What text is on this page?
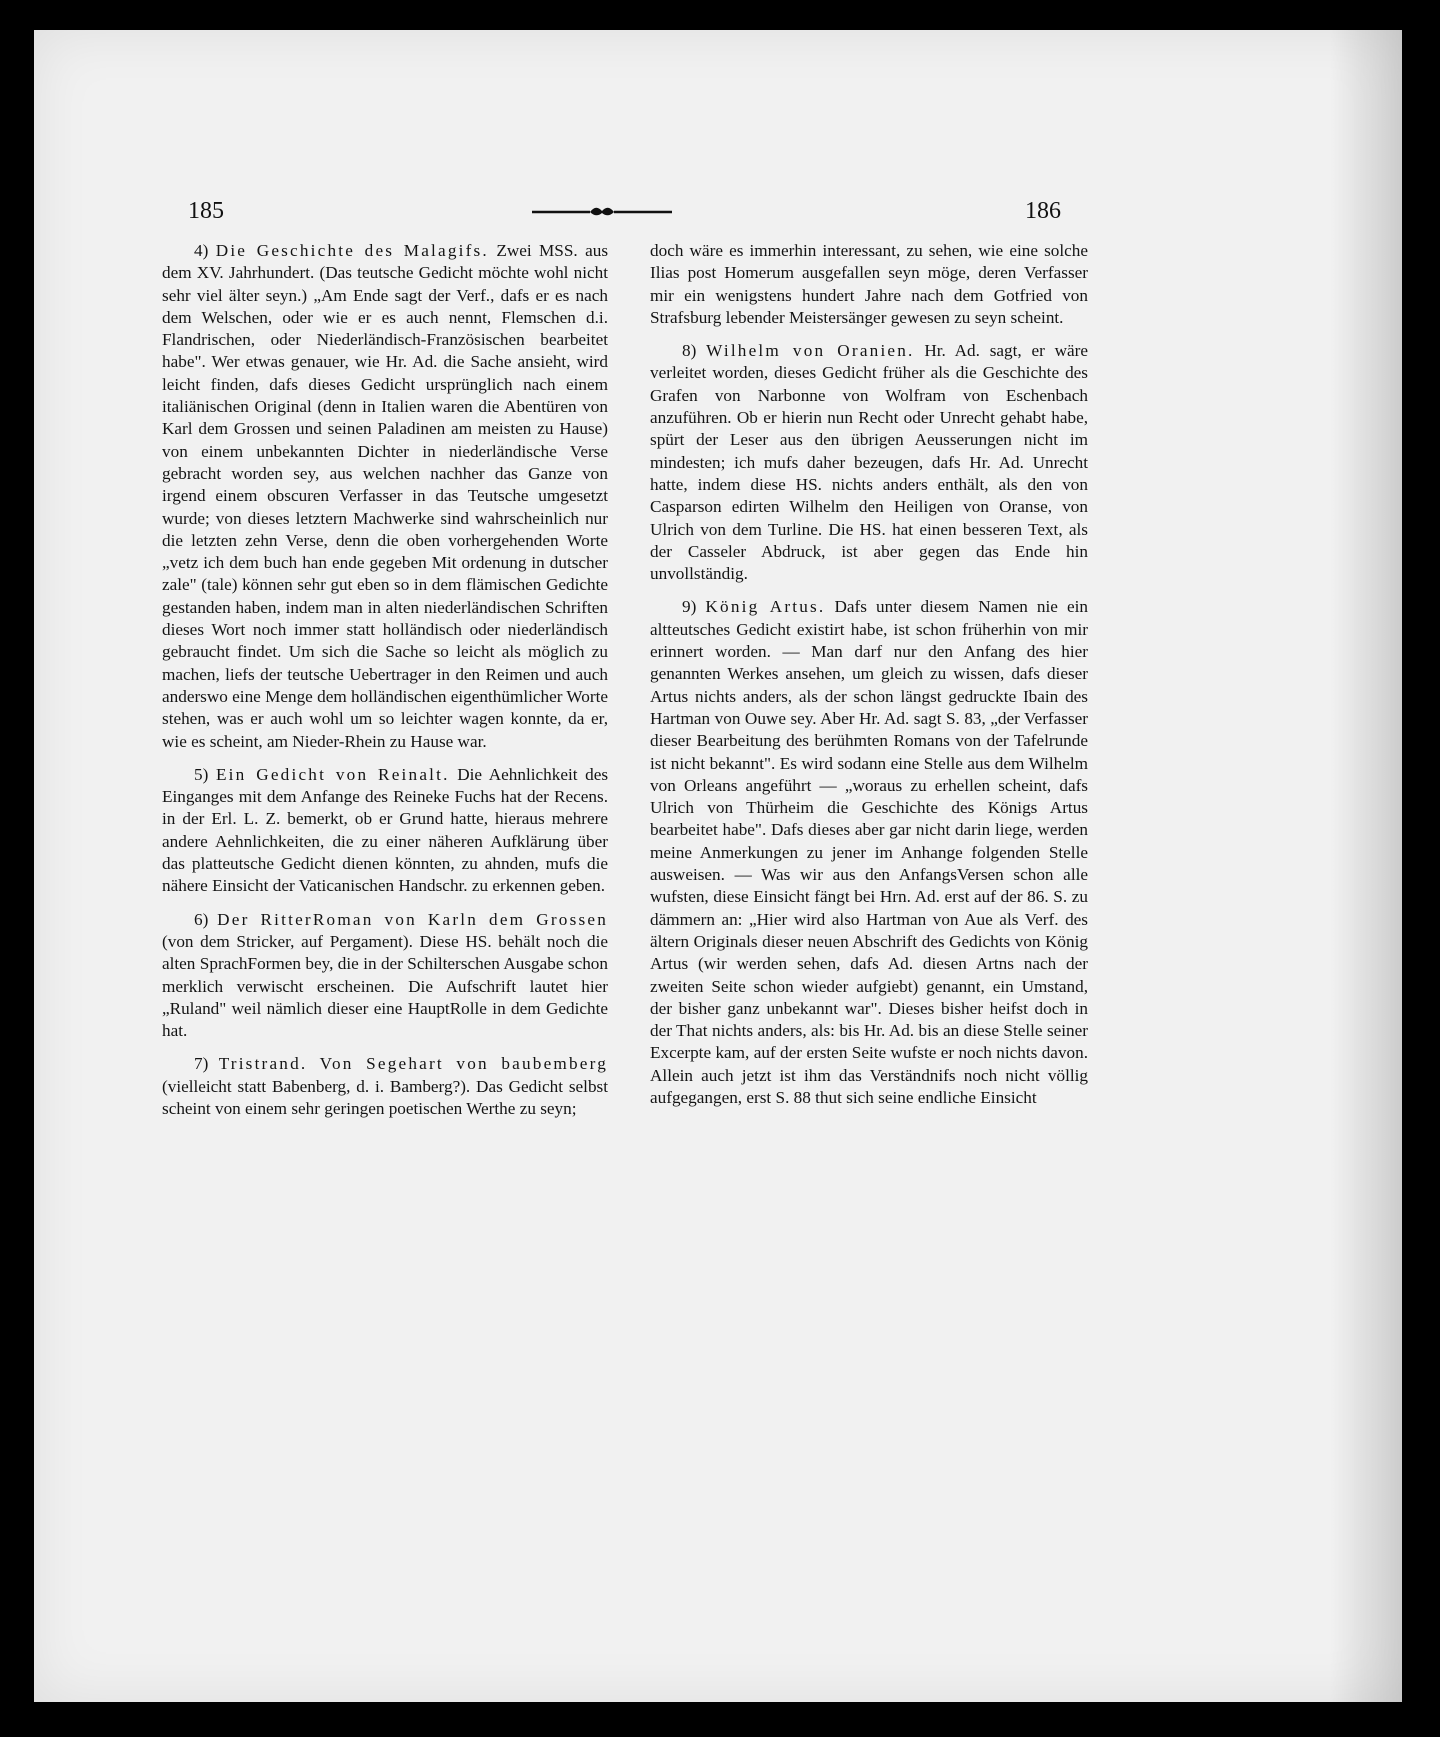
185	186

4) Die Geschichte des Malagifs. Zwei MSS. aus dem XV. Jahrhundert. (Das teutsche Gedicht möchte wohl nicht sehr viel älter seyn.) „Am Ende sagt der Verf., dafs er es nach dem Welschen, oder wie er es auch nennt, Flemschen d.i. Flandrischen, oder Niederländisch-Französischen bearbeitet habe". Wer etwas genauer, wie Hr. Ad. die Sache ansieht, wird leicht finden, dafs dieses Gedicht ursprünglich nach einem italiänischen Original (denn in Italien waren die Abentüren von Karl dem Grossen und seinen Paladinen am meisten zu Hause) von einem unbekannten Dichter in niederländische Verse gebracht worden sey, aus welchen nachher das Ganze von irgend einem obscuren Verfasser in das Teutsche umgesetzt wurde; von dieses letztern Machwerke sind wahrscheinlich nur die letzten zehn Verse, denn die oben vorhergehenden Worte „vetz ich dem buch han ende gegeben Mit ordenung in dutscher zale" (tale) können sehr gut eben so in dem flämischen Gedichte gestanden haben, indem man in alten niederländischen Schriften dieses Wort noch immer statt holländisch oder niederländisch gebraucht findet. Um sich die Sache so leicht als möglich zu machen, liefs der teutsche Uebertrager in den Reimen und auch anderswo eine Menge dem holländischen eigenthümlicher Worte stehen, was er auch wohl um so leichter wagen konnte, da er, wie es scheint, am Nieder-Rhein zu Hause war.

5) Ein Gedicht von Reinalt. Die Aehnlichkeit des Einganges mit dem Anfange des Reineke Fuchs hat der Recens. in der Erl. L. Z. bemerkt, ob er Grund hatte, hieraus mehrere andere Aehnlichkeiten, die zu einer näheren Aufklärung über das platteutsche Gedicht dienen könnten, zu ahnden, mufs die nähere Einsicht der Vaticanischen Handschr. zu erkennen geben.

6) Der RitterRoman von Karln dem Grossen (von dem Stricker, auf Pergament). Diese HS. behält noch die alten SprachFormen bey, die in der Schilterschen Ausgabe schon merklich verwischt erscheinen. Die Aufschrift lautet hier „Ruland" weil nämlich dieser eine HauptRolle in dem Gedichte hat.

7) Tristrand. Von Segehart von baubemberg (vielleicht statt Babenberg, d. i. Bamberg?). Das Gedicht selbst scheint von einem sehr geringen poetischen Werthe zu seyn;

doch wäre es immerhin interessant, zu sehen, wie eine solche Ilias post Homerum ausgefallen seyn möge, deren Verfasser mir ein wenigstens hundert Jahre nach dem Gotfried von Strafsburg lebender Meistersänger gewesen zu seyn scheint.

8) Wilhelm von Oranien. Hr. Ad. sagt, er wäre verleitet worden, dieses Gedicht früher als die Geschichte des Grafen von Narbonne von Wolfram von Eschenbach anzuführen. Ob er hierin nun Recht oder Unrecht gehabt habe, spürt der Leser aus den übrigen Aeusserungen nicht im mindesten; ich mufs daher bezeugen, dafs Hr. Ad. Unrecht hatte, indem diese HS. nichts anders enthält, als den von Casparson edirten Wilhelm den Heiligen von Oranse, von Ulrich von dem Turline. Die HS. hat einen besseren Text, als der Casseler Abdruck, ist aber gegen das Ende hin unvollständig.

9) König Artus. Dafs unter diesem Namen nie ein altteutsches Gedicht existirt habe, ist schon früherhin von mir erinnert worden. — Man darf nur den Anfang des hier genannten Werkes ansehen, um gleich zu wissen, dafs dieser Artus nichts anders, als der schon längst gedruckte Ibain des Hartman von Ouwe sey. Aber Hr. Ad. sagt S. 83, „der Verfasser dieser Bearbeitung des berühmten Romans von der Tafelrunde ist nicht bekannt". Es wird sodann eine Stelle aus dem Wilhelm von Orleans angeführt — „woraus zu erhellen scheint, dafs Ulrich von Thürheim die Geschichte des Königs Artus bearbeitet habe". Dafs dieses aber gar nicht darin liege, werden meine Anmerkungen zu jener im Anhange folgenden Stelle ausweisen. — Was wir aus den AnfangsVersen schon alle wufsten, diese Einsicht fängt bei Hrn. Ad. erst auf der 86. S. zu dämmern an: „Hier wird also Hartman von Aue als Verf. des ältern Originals dieser neuen Abschrift des Gedichts von König Artus (wir werden sehen, dafs Ad. diesen Artns nach der zweiten Seite schon wieder aufgiebt) genannt, ein Umstand, der bisher ganz unbekannt war". Dieses bisher heifst doch in der That nichts anders, als: bis Hr. Ad. bis an diese Stelle seiner Excerpte kam, auf der ersten Seite wufste er noch nichts davon. Allein auch jetzt ist ihm das Verständnifs noch nicht völlig aufgegangen, erst S. 88 thut sich seine endliche Einsicht
